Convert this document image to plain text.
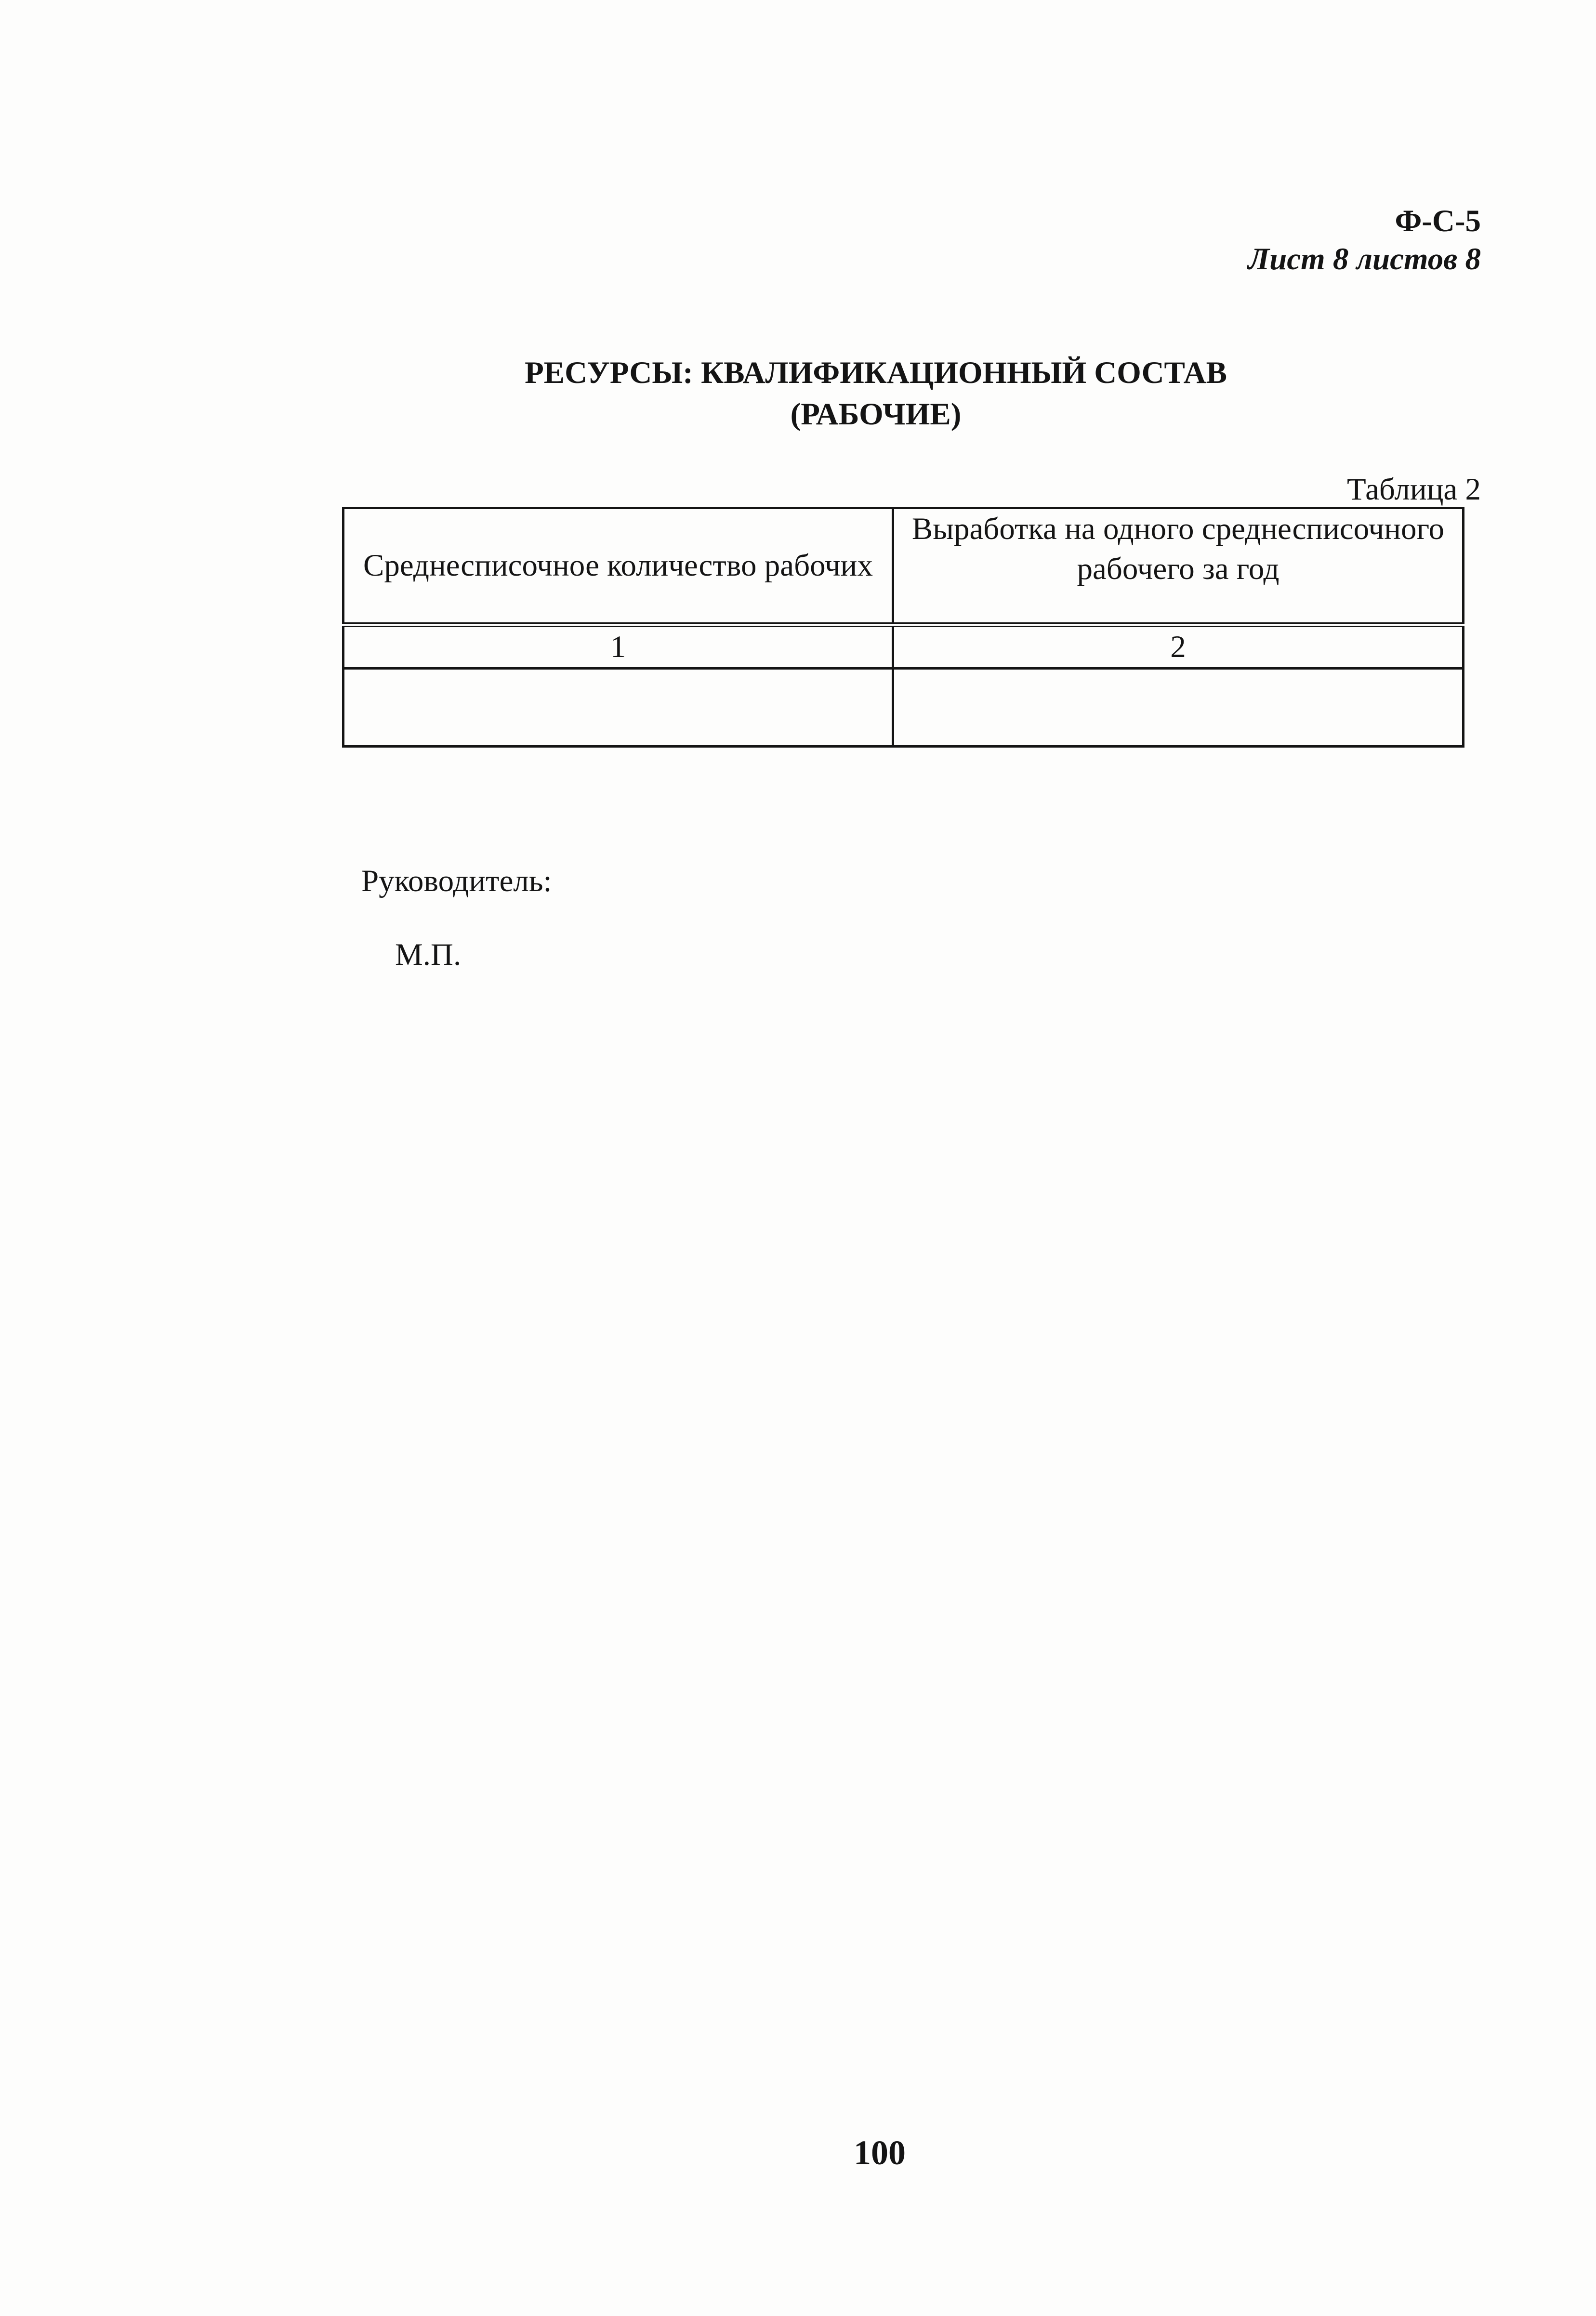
Ф-С-5
Лист 8 листов 8
РЕСУРСЫ: КВАЛИФИКАЦИОННЫЙ СОСТАВ
(РАБОЧИЕ)
Таблица 2
Среднесписочное количество рабочих	Выработка на одного среднесписочного рабочего за год
1	2

Руководитель:
М.П.
100
